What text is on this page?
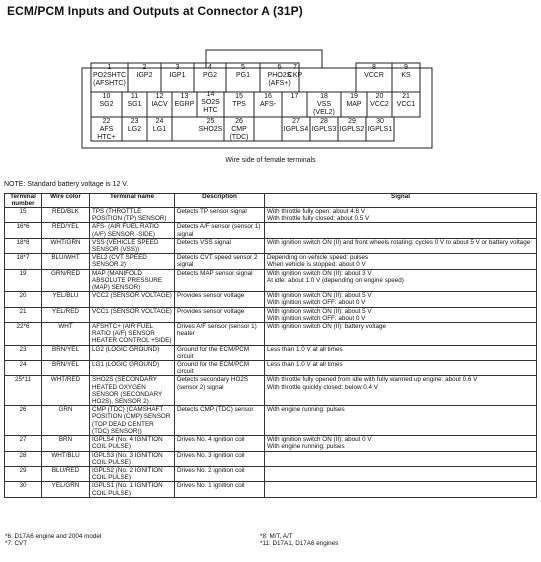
ECM/PCM Inputs and Outputs at Connector A (31P)
1
PO2SHTC
(AFSHTC)
2
IGP2
3
IGP1
4
PG2
5
PG1
6
PHO2S
(AFS+)
7
CKP
8
VCCR
9
KS
10
SG2
11
SG1
12
IACV
13
EGRP
14
SO2S
HTC
15
TPS
16
AFS-
17	18
VSS
(VEL2)
19
MAP
20
VCC2
21
VCC1
22
AFS
HTC+
23
LG2
24
LG1
25
SHO2S
26
CMP
(TDC)
27
IGPLS4
28
IGPLS3
29
IGPLS2
30
IGPLS1
Wire side of female terminals
NOTE: Standard battery voltage is 12 V.
Terminal
number	Wire color	Terminal name	Description	Signal
15	RED/BLK	TPS (THROTTLE POSITION (TP) SENSOR)	Detects TP sensor signal	With throttle fully open: about 4.8 V
With throttle fully closed: about 0.5 V
16*6	RED/YEL	AFS- (AIR FUEL RATIO (A/F) SENSOR -SIDE)	Detects A/F sensor (sensor 1) signal	
18*8	WHT/GRN	VSS (VEHICLE SPEED SENSOR (VSS))	Detects VSS signal	With ignition switch ON (II) and front wheels rotating: cycles 0 V to about 5 V or battery voltage
18*7	BLU/WHT	VEL2 (CVT SPEED SENSOR 2)	Detects CVT speed sensor 2 signal	Depending on vehicle speed: pulses
When vehicle is stopped: about 0 V
19	GRN/RED	MAP (MANIFOLD ABSOLUTE PRESSURE (MAP) SENSOR)	Detects MAP sensor signal	With ignition switch ON (II): about 3 V
At idle: about 1.0 V (depending on engine speed)
20	YEL/BLU	VCC2 (SENSOR VOLTAGE)	Provides sensor voltage	With ignition switch ON (II): about 5 V
With ignition switch OFF: about 0 V
21	YEL/RED	VCC1 (SENSOR VOLTAGE)	Provides sensor voltage	With ignition switch ON (II): about 5 V
With ignition switch OFF: about 0 V
22*6	WHT	AFSHTC+ (AIR FUEL RATIO (A/F) SENSOR HEATER CONTROL +SIDE)	Drives A/F sensor (sensor 1) heater	With ignition switch ON (II): battery voltage
23	BRN/YEL	LG2 (LOGIC GROUND)	Ground for the ECM/PCM circuit	Less than 1.0 V at all times
24	BRN/YEL	LG1 (LOGIC GROUND)	Ground for the ECM/PCM circuit	Less than 1.0 V at all times
25*11	WHT/RED	SHO2S (SECONDARY HEATED OXYGEN SENSOR (SECONDARY HO2S), SENSOR 2)	Detects secondary HO2S (sensor 2) signal	With throttle fully opened from idle with fully warmed up engine: about 0.6 V
With throttle quickly closed: below 0.4 V
26	GRN	CMP (TDC) (CAMSHAFT POSITION (CMP) SENSOR (TOP DEAD CENTER (TDC) SENSOR))	Detects CMP (TDC) sensor	With engine running: pulses
27	BRN	IGPLS4 (No. 4 IGNITION COIL PULSE)	Drives No. 4 ignition coil	With ignition switch ON (II): about 0 V
With engine running: pulses
28	WHT/BLU	IGPLS3 (No. 3 IGNITION COIL PULSE)	Drives No. 3 ignition coil	
29	BLU/RED	IGPLS2 (No. 2 IGNITION COIL PULSE)	Drives No. 2 ignition coil	
30	YEL/GRN	IGPLS1 (No. 1 IGNITION COIL PULSE)	Drives No. 1 ignition coil	
*6: D17A6 engine and 2004 model
*7: CVT
*8: M/T, A/T
*11: D17A1, D17A6 engines
